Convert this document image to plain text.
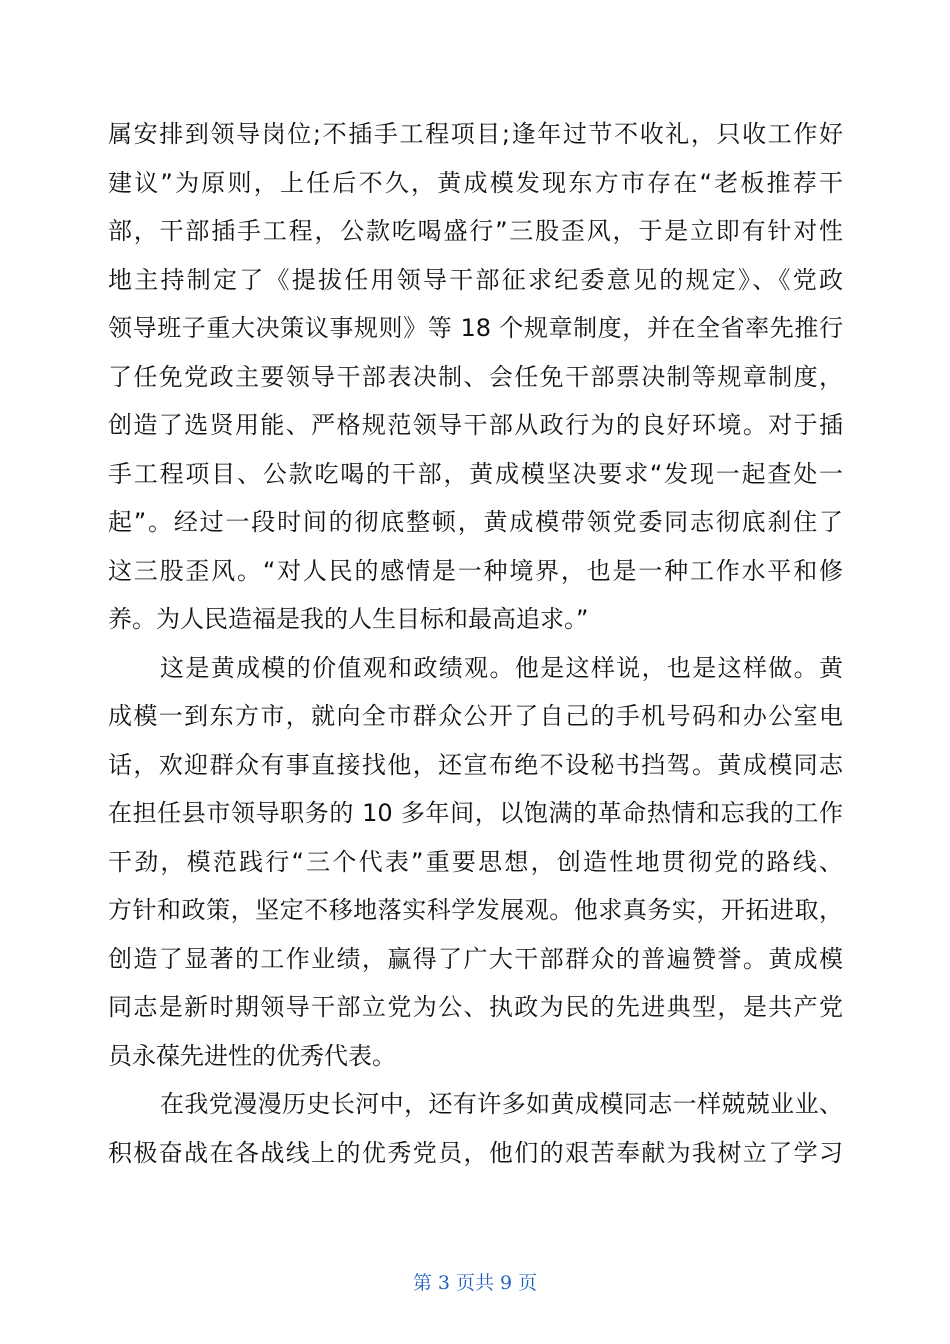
属安排到领导岗位;不插手工程项目;逢年过节不收礼，只收工作好
建议”为原则，上任后不久，黄成模发现东方市存在“老板推荐干
部，干部插手工程，公款吃喝盛行”三股歪风，于是立即有针对性
地主持制定了《提拔任用领导干部征求纪委意见的规定》、《党政
领导班子重大决策议事规则》等 18 个规章制度，并在全省率先推行
了任免党政主要领导干部表决制、会任免干部票决制等规章制度，
创造了选贤用能、严格规范领导干部从政行为的良好环境。对于插
手工程项目、公款吃喝的干部，黄成模坚决要求“发现一起查处一
起”。经过一段时间的彻底整顿，黄成模带领党委同志彻底刹住了
这三股歪风。“对人民的感情是一种境界，也是一种工作水平和修
养。为人民造福是我的人生目标和最高追求。”
这是黄成模的价值观和政绩观。他是这样说，也是这样做。黄
成模一到东方市，就向全市群众公开了自己的手机号码和办公室电
话，欢迎群众有事直接找他，还宣布绝不设秘书挡驾。黄成模同志
在担任县市领导职务的 10 多年间，以饱满的革命热情和忘我的工作
干劲，模范践行“三个代表”重要思想，创造性地贯彻党的路线、
方针和政策，坚定不移地落实科学发展观。他求真务实，开拓进取，
创造了显著的工作业绩，赢得了广大干部群众的普遍赞誉。黄成模
同志是新时期领导干部立党为公、执政为民的先进典型，是共产党
员永葆先进性的优秀代表。
在我党漫漫历史长河中，还有许多如黄成模同志一样兢兢业业、
积极奋战在各战线上的优秀党员，他们的艰苦奉献为我树立了学习
第 3 页共 9 页
